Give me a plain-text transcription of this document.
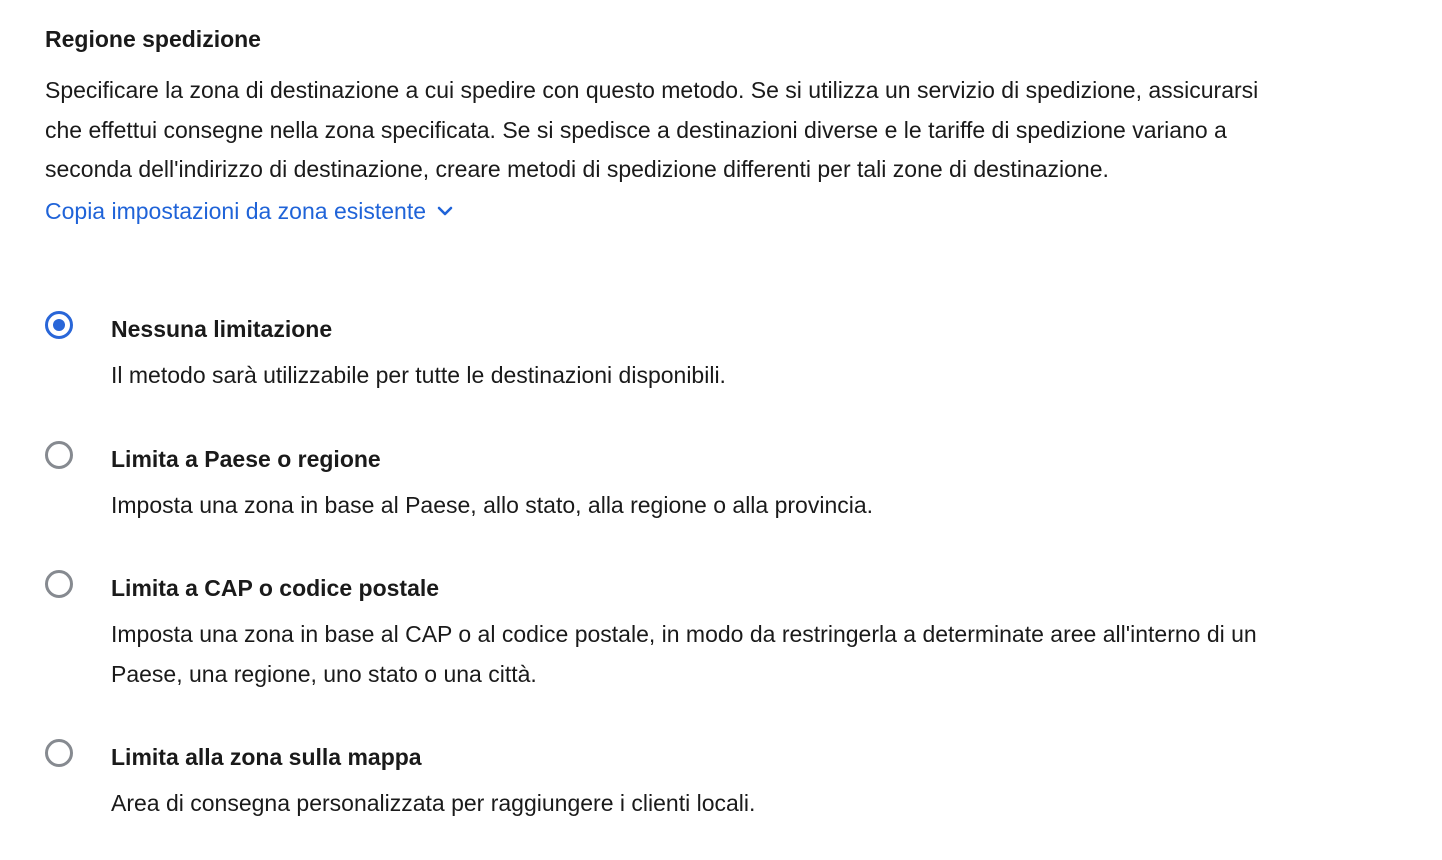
Regione spedizione

Specificare la zona di destinazione a cui spedire con questo metodo. Se si utilizza un servizio di spedizione, assicurarsi che effettui consegne nella zona specificata. Se si spedisce a destinazioni diverse e le tariffe di spedizione variano a seconda dell'indirizzo di destinazione, creare metodi di spedizione differenti per tali zone di destinazione.

Copia impostazioni da zona esistente

Nessuna limitazione

Il metodo sarà utilizzabile per tutte le destinazioni disponibili.

Limita a Paese o regione

Imposta una zona in base al Paese, allo stato, alla regione o alla provincia.

Limita a CAP o codice postale

Imposta una zona in base al CAP o al codice postale, in modo da restringerla a determinate aree all'interno di un Paese, una regione, uno stato o una città.

Limita alla zona sulla mappa

Area di consegna personalizzata per raggiungere i clienti locali.
